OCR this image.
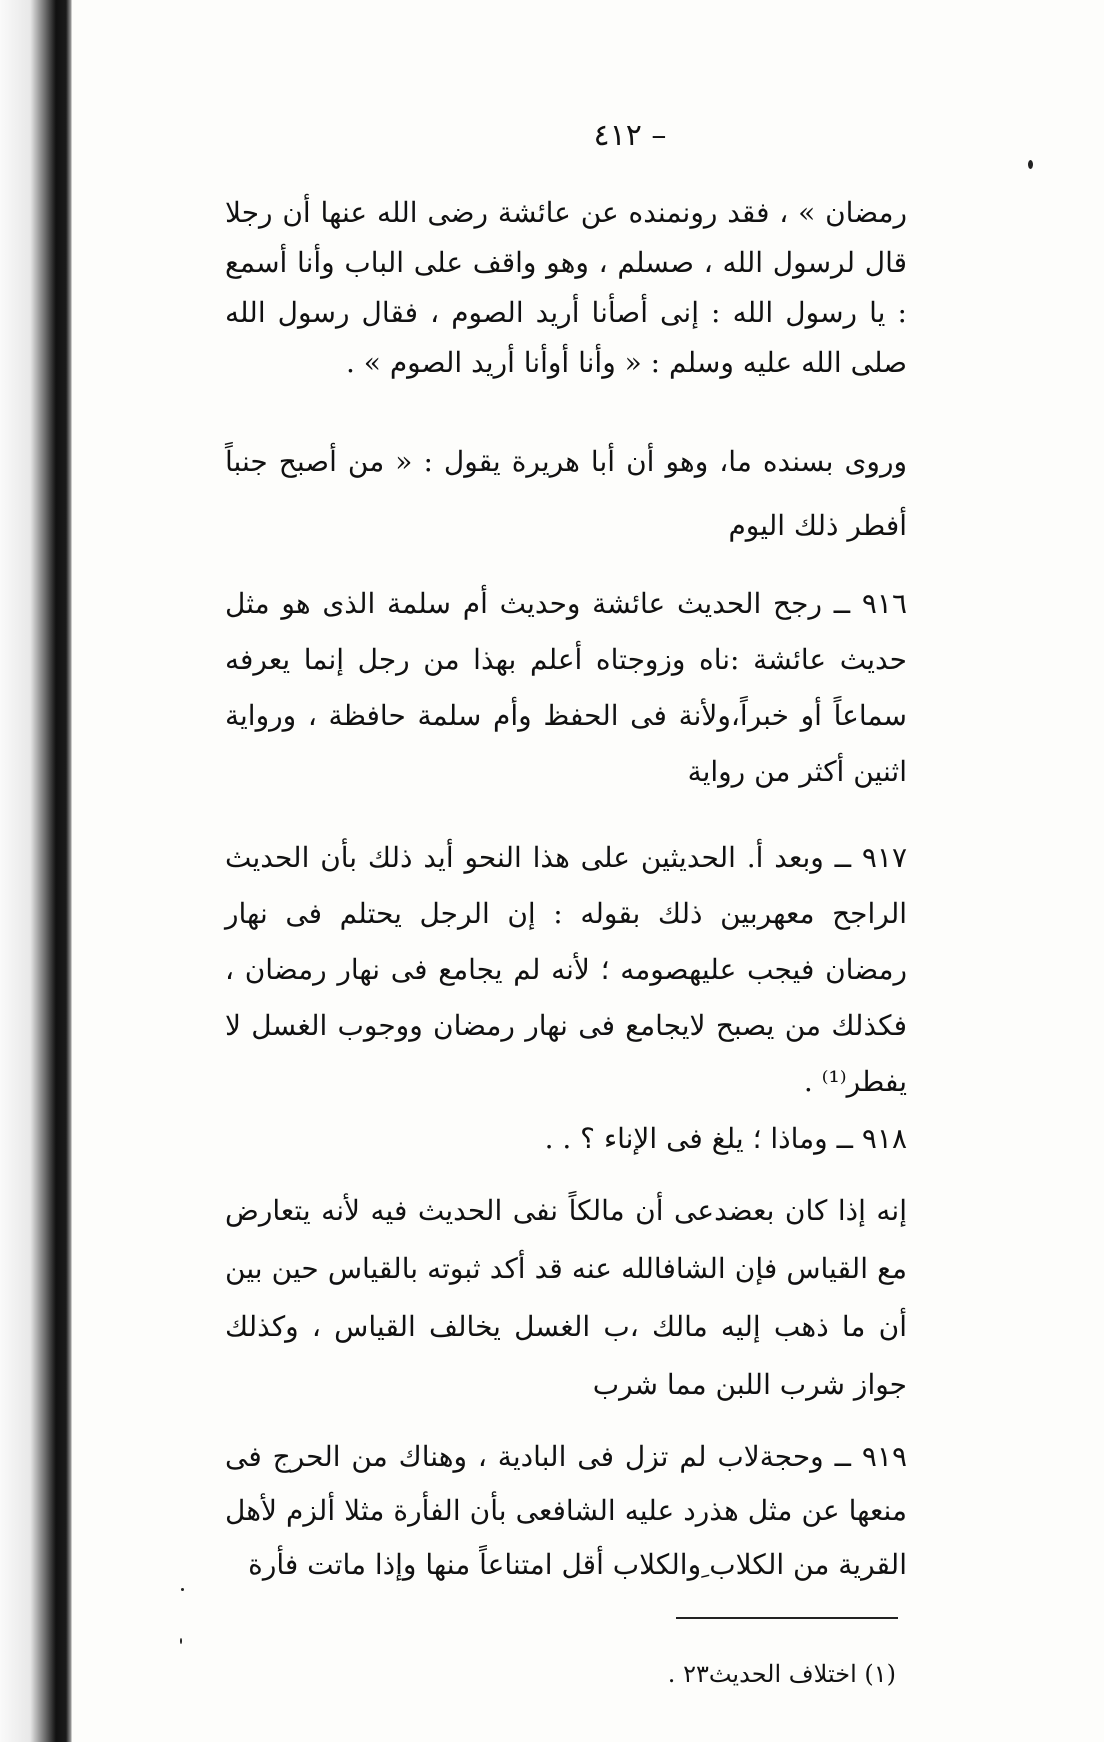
– ٤١٢

رمضان » ، فقد رونمنده عن عائشة رضى الله عنها أن رجلا قال لرسول الله ، صسلم ، وهو واقف على الباب وأنا أسمع : يا رسول الله : إنى أصأنا أريد الصوم ، فقال رسول الله صلى الله عليه وسلم : « وأنا أوأنا أريد الصوم » .

وروى بسنده ما، وهو أن أبا هريرة يقول : « من أصبح جنباً أفطر ذلك اليوم

٩١٦ ــ رجح الحديث عائشة وحديث أم سلمة الذى هو مثل حديث عائشة :ناه وزوجتاه أعلم بهذا من رجل إنما يعرفه سماعاً أو خبراً،ولأنة فى الحفظ وأم سلمة حافظة ، ورواية اثنين أكثر من رواية

٩١٧ ــ وبعد أ. الحديثين على هذا النحو أيد ذلك بأن الحديث الراجح معهربين ذلك بقوله : إن الرجل يحتلم فى نهار رمضان فيجب عليهصومه ؛ لأنه لم يجامع فى نهار رمضان ، فكذلك من يصبح لايجامع فى نهار رمضان ووجوب الغسل لا يفطر⁽¹⁾ .

٩١٨ ــ وماذا ؛ يلغ فى الإناء ؟ . .

إنه إذا كان بعضدعى أن مالكاً نفى الحديث فيه لأنه يتعارض مع القياس فإن الشافالله عنه قد أكد ثبوته بالقياس حين بين أن ما ذهب إليه مالك ،ب الغسل يخالف القياس ، وكذلك جواز شرب اللبن مما شرب

٩١٩ ــ وحجةلاب لم تزل فى البادية ، وهناك من الحرج فى منعها عن مثل هذرد عليه الشافعى بأن الفأرة مثلا ألزم لأهل القرية من الكلاب ِوالكلاب أقل امتناعاً منها وإذا ماتت فأرة

(١) اختلاف الحديث٢٣ .
